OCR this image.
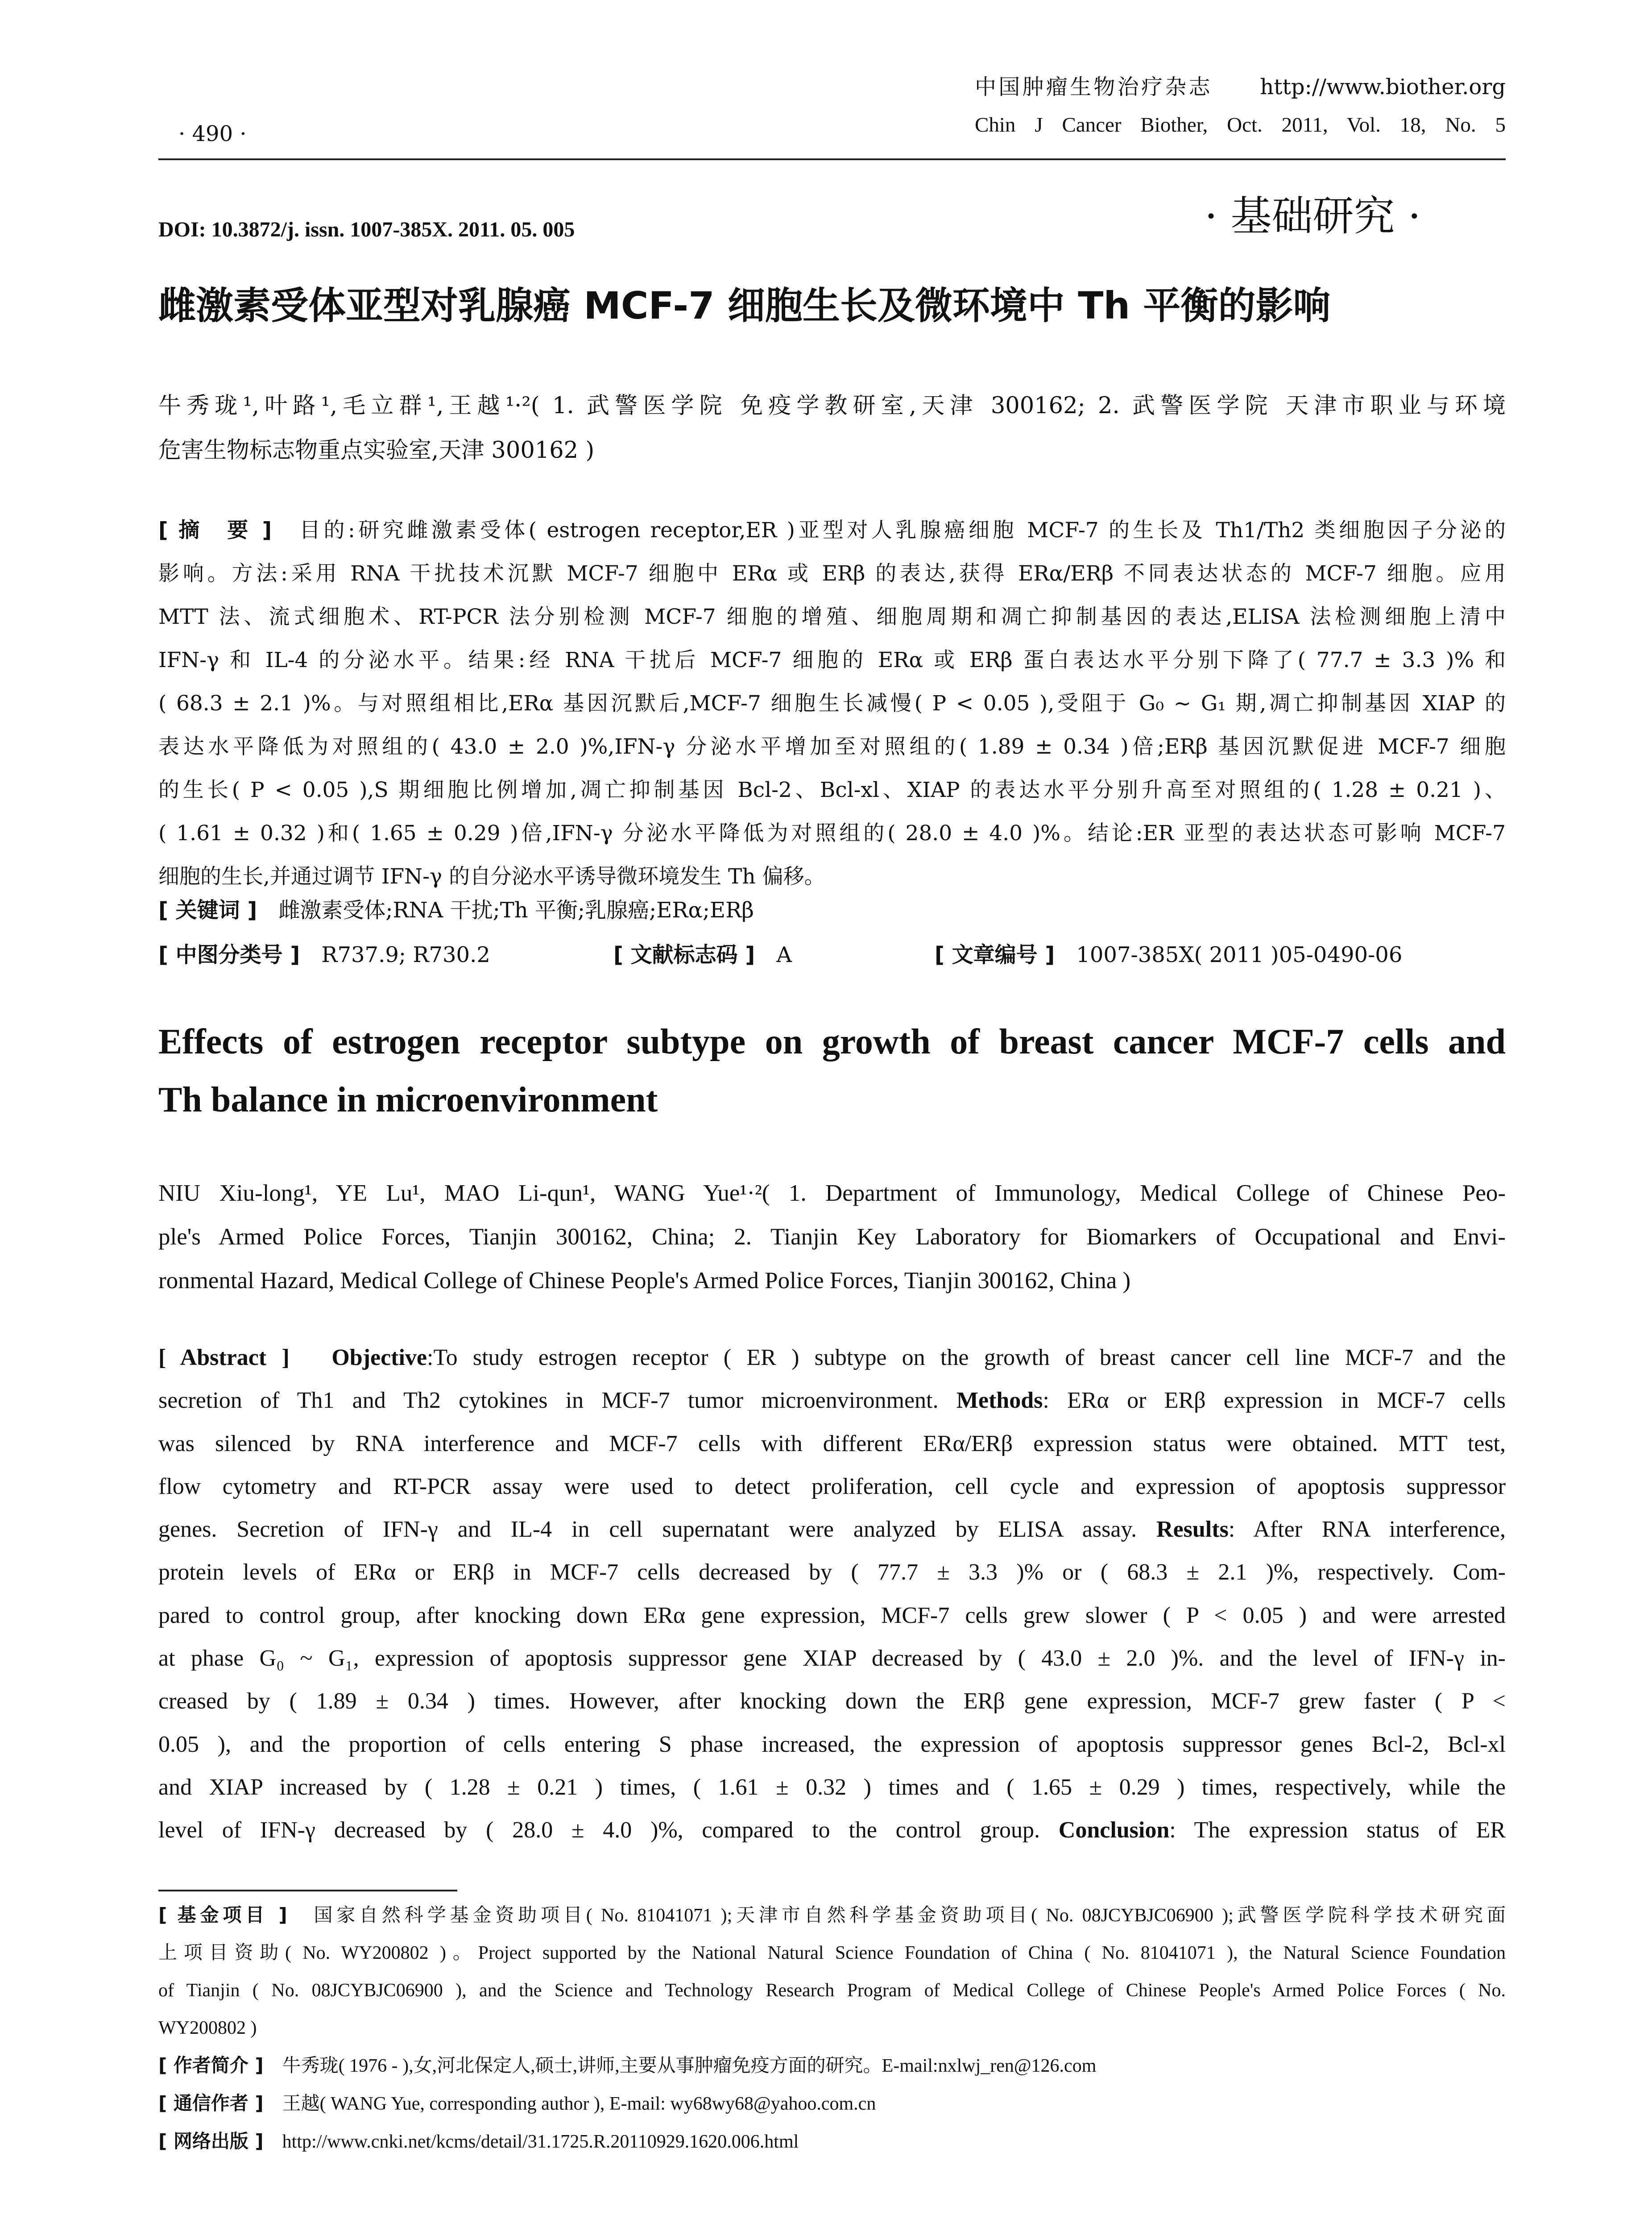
中国肿瘤生物治疗杂志　　 http://www.biother.org
Chin J Cancer Biother, Oct. 2011, Vol. 18, No. 5
· 490 ·
DOI: 10.3872/j. issn. 1007-385X. 2011. 05. 005	· 基础研究 ·
雌激素受体亚型对乳腺癌 MCF-7 细胞生长及微环境中 Th 平衡的影响
牛秀珑¹,叶路¹,毛立群¹,王越¹·²( 1. 武警医学院 免疫学教研室,天津 300162; 2. 武警医学院 天津市职业与环境
危害生物标志物重点实验室,天津 300162 )
[ 摘　要 ]　 目的:研究雌激素受体( estrogen receptor,ER )亚型对人乳腺癌细胞 MCF-7 的生长及 Th1/Th2 类细胞因子分泌的
影响。方法:采用 RNA 干扰技术沉默 MCF-7 细胞中 ERα 或 ERβ 的表达,获得 ERα/ERβ 不同表达状态的 MCF-7 细胞。应用
MTT 法、流式细胞术、RT-PCR 法分别检测 MCF-7 细胞的增殖、细胞周期和凋亡抑制基因的表达,ELISA 法检测细胞上清中
IFN-γ 和 IL-4 的分泌水平。结果:经 RNA 干扰后 MCF-7 细胞的 ERα 或 ERβ 蛋白表达水平分别下降了( 77.7 ± 3.3 )% 和
( 68.3 ± 2.1 )%。与对照组相比,ERα 基因沉默后,MCF-7 细胞生长减慢( P < 0.05 ),受阻于 G₀ ~ G₁ 期,凋亡抑制基因 XIAP 的
表达水平降低为对照组的( 43.0 ± 2.0 )%,IFN-γ 分泌水平增加至对照组的( 1.89 ± 0.34 )倍;ERβ 基因沉默促进 MCF-7 细胞
的生长( P < 0.05 ),S 期细胞比例增加,凋亡抑制基因 Bcl-2、Bcl-xl、XIAP 的表达水平分别升高至对照组的( 1.28 ± 0.21 )、
( 1.61 ± 0.32 )和( 1.65 ± 0.29 )倍,IFN-γ 分泌水平降低为对照组的( 28.0 ± 4.0 )%。结论:ER 亚型的表达状态可影响 MCF-7
细胞的生长,并通过调节 IFN-γ 的自分泌水平诱导微环境发生 Th 偏移。
[ 关键词 ]　 雌激素受体;RNA 干扰;Th 平衡;乳腺癌;ERα;ERβ
[ 中图分类号 ]　 R737.9; R730.2	[ 文献标志码 ]　 A	[ 文章编号 ]　 1007-385X( 2011 )05-0490-06
Effects of estrogen receptor subtype on growth of breast cancer MCF-7 cells and
Th balance in microenvironment
NIU Xiu-long¹, YE Lu¹, MAO Li-qun¹, WANG Yue¹·²( 1. Department of Immunology, Medical College of Chinese Peo-
ple's Armed Police Forces, Tianjin 300162, China; 2. Tianjin Key Laboratory for Biomarkers of Occupational and Envi-
ronmental Hazard, Medical College of Chinese People's Armed Police Forces, Tianjin 300162, China )
[ Abstract ]　 Objective:To study estrogen receptor ( ER ) subtype on the growth of breast cancer cell line MCF-7 and the
secretion of Th1 and Th2 cytokines in MCF-7 tumor microenvironment. Methods: ERα or ERβ expression in MCF-7 cells
was silenced by RNA interference and MCF-7 cells with different ERα/ERβ expression status were obtained. MTT test,
flow cytometry and RT-PCR assay were used to detect proliferation, cell cycle and expression of apoptosis suppressor
genes. Secretion of IFN-γ and IL-4 in cell supernatant were analyzed by ELISA assay. Results: After RNA interference,
protein levels of ERα or ERβ in MCF-7 cells decreased by ( 77.7 ± 3.3 )% or ( 68.3 ± 2.1 )%, respectively. Com-
pared to control group, after knocking down ERα gene expression, MCF-7 cells grew slower ( P < 0.05 ) and were arrested
at phase G₀ ~ G₁, expression of apoptosis suppressor gene XIAP decreased by ( 43.0 ± 2.0 )%. and the level of IFN-γ in-
creased by ( 1.89 ± 0.34 ) times. However, after knocking down the ERβ gene expression, MCF-7 grew faster ( P <
0.05 ), and the proportion of cells entering S phase increased, the expression of apoptosis suppressor genes Bcl-2, Bcl-xl
and XIAP increased by ( 1.28 ± 0.21 ) times, ( 1.61 ± 0.32 ) times and ( 1.65 ± 0.29 ) times, respectively, while the
level of IFN-γ decreased by ( 28.0 ± 4.0 )%, compared to the control group. Conclusion: The expression status of ER
[ 基金项目 ]　 国家自然科学基金资助项目( No. 81041071 );天津市自然科学基金资助项目( No. 08JCYBJC06900 );武警医学院科学技术研究面
上项目资助( No. WY200802 )。Project supported by the National Natural Science Foundation of China ( No. 81041071 ), the Natural Science Foundation
of Tianjin ( No. 08JCYBJC06900 ), and the Science and Technology Research Program of Medical College of Chinese People's Armed Police Forces ( No.
WY200802 )
[ 作者简介 ]　 牛秀珑( 1976 - ),女,河北保定人,硕士,讲师,主要从事肿瘤免疫方面的研究。E-mail:nxlwj_ren@126.com
[ 通信作者 ]　 王越( WANG Yue, corresponding author ), E-mail: wy68wy68@yahoo.com.cn
[ 网络出版 ]　 http://www.cnki.net/kcms/detail/31.1725.R.20110929.1620.006.html
